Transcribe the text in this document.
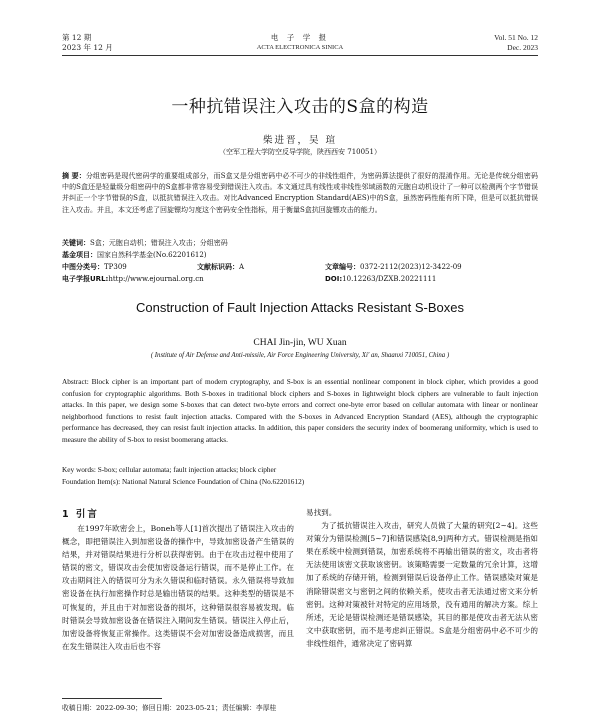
第 12 期
2023 年 12 月
电 子 学 报
ACTA ELECTRONICA SINICA
Vol. 51 No. 12
Dec. 2023
一种抗错误注入攻击的S盒的构造
柴进晋，吴 瑄
（空军工程大学防空反导学院，陕西西安 710051）
摘 要：分组密码是现代密码学的重要组成部分，而S盒又是分组密码中必不可少的非线性组件，为密码算法提供了很好的混淆作用。无论是传统分组密码中的S盒还是轻量级分组密码中的S盒都非常容易受到错误注入攻击。本文通过具有线性或非线性邻域函数的元胞自动机设计了一种可以检测两个字节错误并纠正一个字节错误的S盒，以抵抗错误注入攻击。对比Advanced Encryption Standard(AES)中的S盒，虽然密码性能有所下降，但是可以抵抗错误注入攻击。并且，本文还考虑了回旋镖均匀度这个密码安全性指标，用于衡量S盒抗回旋镖攻击的能力。
关键词：S盒；元胞自动机；错误注入攻击；分组密码
基金项目：国家自然科学基金(No.62201612)
中图分类号：TP309	文献标识码：A	文章编号：0372-2112(2023)12-3422-09
电子学报URL:http://www.ejournal.org.cn	DOI:10.12263/DZXB.20221111
Construction of Fault Injection Attacks Resistant S-Boxes
CHAI Jin-jin, WU Xuan
( Institute of Air Defense and Anti-missile, Air Force Engineering University, Xi' an, Shaanxi 710051, China )
Abstract: Block cipher is an important part of modern cryptography, and S-box is an essential nonlinear component in block cipher, which provides a good confusion for cryptographic algorithms. Both S-boxes in traditional block ciphers and S-boxes in lightweight block ciphers are vulnerable to fault injection attacks. In this paper, we design some S-boxes that can detect two-byte errors and correct one-byte error based on cellular automata with linear or nonlinear neighborhood functions to resist fault injection attacks. Compared with the S-boxes in Advanced Encryption Standard (AES), although the cryptographic performance has decreased, they can resist fault injection attacks. In addition, this paper considers the security index of boomerang uniformity, which is used to measure the ability of S-box to resist boomerang attacks.
Key words: S-box; cellular automata; fault injection attacks; block cipher
Foundation Item(s): National Natural Science Foundation of China (No.62201612)
1 引言

在1997年欧密会上，Boneh等人[1]首次提出了错误注入攻击的概念，即把错误注入到加密设备的操作中，导致加密设备产生错误的结果，并对错误结果进行分析以获得密钥。由于在攻击过程中使用了错误的密文，错误攻击会使加密设备运行错误，而不是停止工作。在攻击期间注入的错误可分为永久错误和临时错误。永久错误将导致加密设备在执行加密操作时总是输出错误的结果。这种类型的错误是不可恢复的，并且由于对加密设备的损坏，这种错误很容易被发现。临时错误会导致加密设备在错误注入期间发生错误。错误注入停止后，加密设备将恢复正常操作。这类错误不会对加密设备造成损害，而且在发生错误注入攻击后也不容

易找到。

为了抵抗错误注入攻击，研究人员做了大量的研究[2~4]。这些对策分为错误检测[5~7]和错误感染[8,9]两种方式。错误检测是指如果在系统中检测到错误，加密系统将不再输出错误的密文，攻击者将无法使用该密文获取该密钥。该策略需要一定数量的冗余计算，这增加了系统的存储开销，检测到错误后设备停止工作。错误感染对策是消除错误密文与密钥之间的依赖关系，使攻击者无法通过密文来分析密钥。这种对策被针对特定的应用场景，没有通用的解决方案。综上所述，无论是错误检测还是错误感染，其目的都是使攻击者无法从密文中获取密钥，而不是考虑纠正错误。S盒是分组密码中必不可少的非线性组件，通常决定了密码算

收稿日期：2022-09-30；修回日期：2023-05-21；责任编辑：李厚桂
